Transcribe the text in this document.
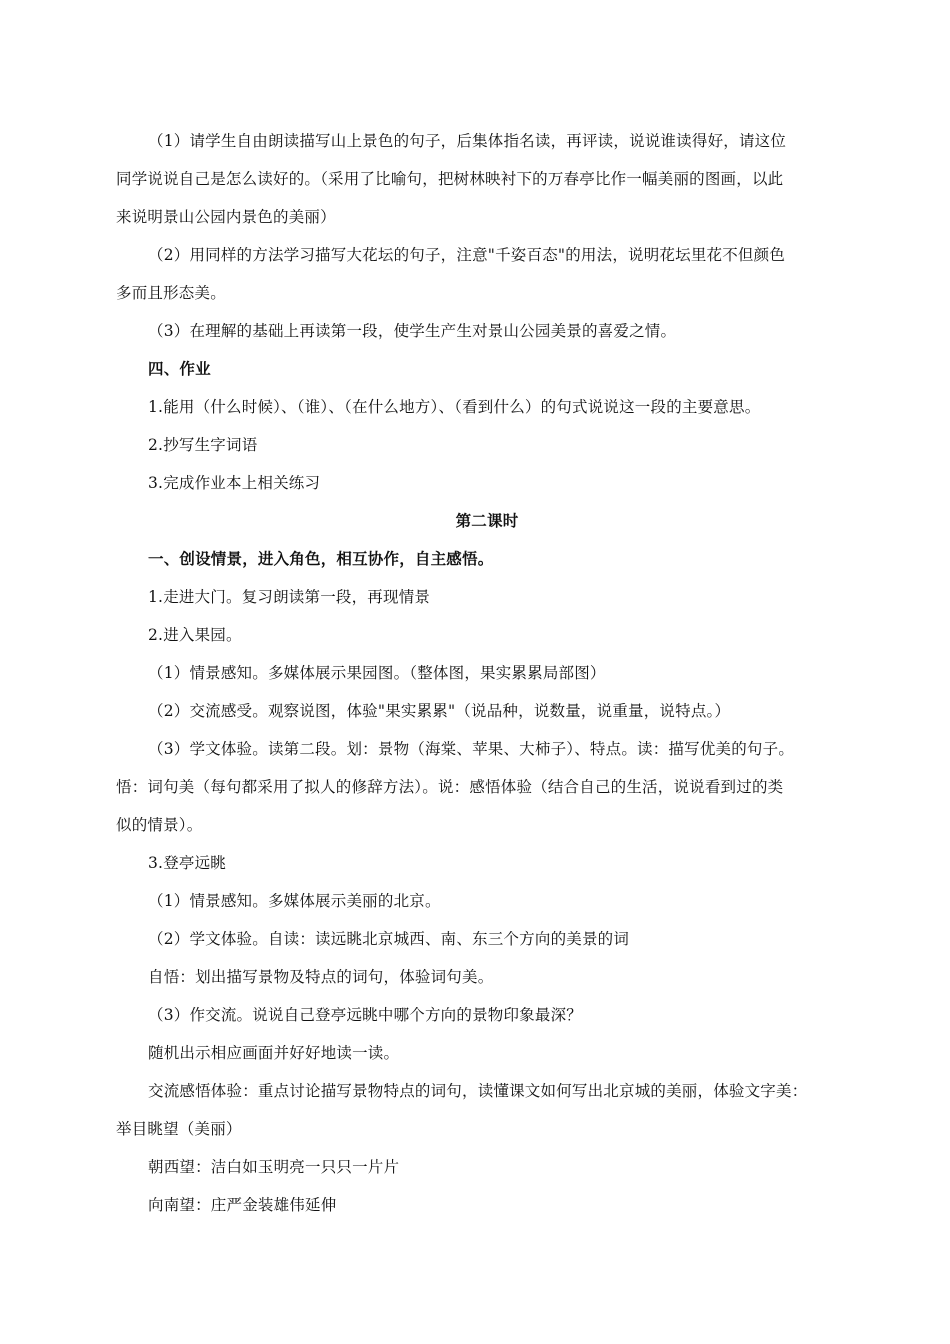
（1）请学生自由朗读描写山上景色的句子，后集体指名读，再评读，说说谁读得好，请这位
同学说说自己是怎么读好的。（采用了比喻句，把树林映衬下的万春亭比作一幅美丽的图画，以此
来说明景山公园内景色的美丽）
（2）用同样的方法学习描写大花坛的句子，注意"千姿百态"的用法，说明花坛里花不但颜色
多而且形态美。
（3）在理解的基础上再读第一段，使学生产生对景山公园美景的喜爱之情。
四、作业
1.能用（什么时候）、（谁）、（在什么地方）、（看到什么）的句式说说这一段的主要意思。
2.抄写生字词语
3.完成作业本上相关练习
第二课时
一、创设情景，进入角色，相互协作，自主感悟。
1.走进大门。复习朗读第一段，再现情景
2.进入果园。
（1）情景感知。多媒体展示果园图。（整体图，果实累累局部图）
（2）交流感受。观察说图，体验"果实累累"（说品种，说数量，说重量，说特点。）
（3）学文体验。读第二段。划：景物（海棠、苹果、大柿子）、特点。读：描写优美的句子。
悟：词句美（每句都采用了拟人的修辞方法）。说：感悟体验（结合自己的生活，说说看到过的类
似的情景）。
3.登亭远眺
（1）情景感知。多媒体展示美丽的北京。
（2）学文体验。自读：读远眺北京城西、南、东三个方向的美景的词
自悟：划出描写景物及特点的词句，体验词句美。
（3）作交流。说说自己登亭远眺中哪个方向的景物印象最深？
随机出示相应画面并好好地读一读。
交流感悟体验：重点讨论描写景物特点的词句，读懂课文如何写出北京城的美丽，体验文字美：
举目眺望（美丽）
朝西望：洁白如玉明亮一只只一片片
向南望：庄严金装雄伟延伸
